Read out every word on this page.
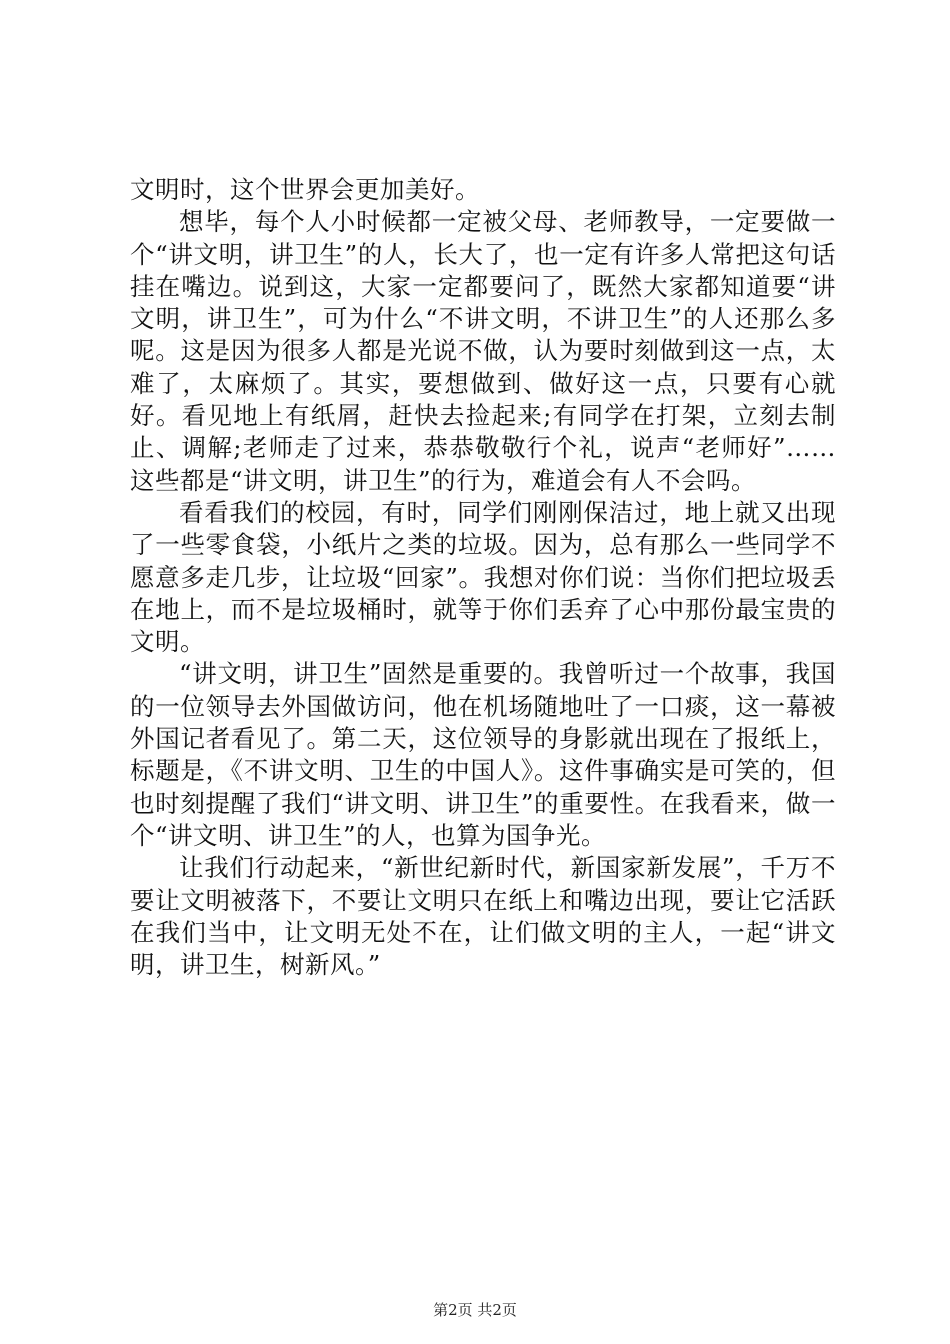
文明时，这个世界会更加美好。

想毕，每个人小时候都一定被父母、老师教导，一定要做一个“讲文明，讲卫生”的人，长大了，也一定有许多人常把这句话挂在嘴边。说到这，大家一定都要问了，既然大家都知道要“讲文明，讲卫生”，可为什么“不讲文明，不讲卫生”的人还那么多呢。这是因为很多人都是光说不做，认为要时刻做到这一点，太难了，太麻烦了。其实，要想做到、做好这一点，只要有心就好。看见地上有纸屑，赶快去捡起来;有同学在打架，立刻去制止、调解;老师走了过来，恭恭敬敬行个礼，说声“老师好”……这些都是“讲文明，讲卫生”的行为，难道会有人不会吗。

看看我们的校园，有时，同学们刚刚保洁过，地上就又出现了一些零食袋，小纸片之类的垃圾。因为，总有那么一些同学不愿意多走几步，让垃圾“回家”。我想对你们说：当你们把垃圾丢在地上，而不是垃圾桶时，就等于你们丢弃了心中那份最宝贵的文明。

“讲文明，讲卫生”固然是重要的。我曾听过一个故事，我国的一位领导去外国做访问，他在机场随地吐了一口痰，这一幕被外国记者看见了。第二天，这位领导的身影就出现在了报纸上，标题是，《不讲文明、卫生的中国人》。这件事确实是可笑的，但也时刻提醒了我们“讲文明、讲卫生”的重要性。在我看来，做一个“讲文明、讲卫生”的人，也算为国争光。

让我们行动起来，“新世纪新时代，新国家新发展”，千万不要让文明被落下，不要让文明只在纸上和嘴边出现，要让它活跃在我们当中，让文明无处不在，让们做文明的主人，一起“讲文明，讲卫生，树新风。”

第2页 共2页
